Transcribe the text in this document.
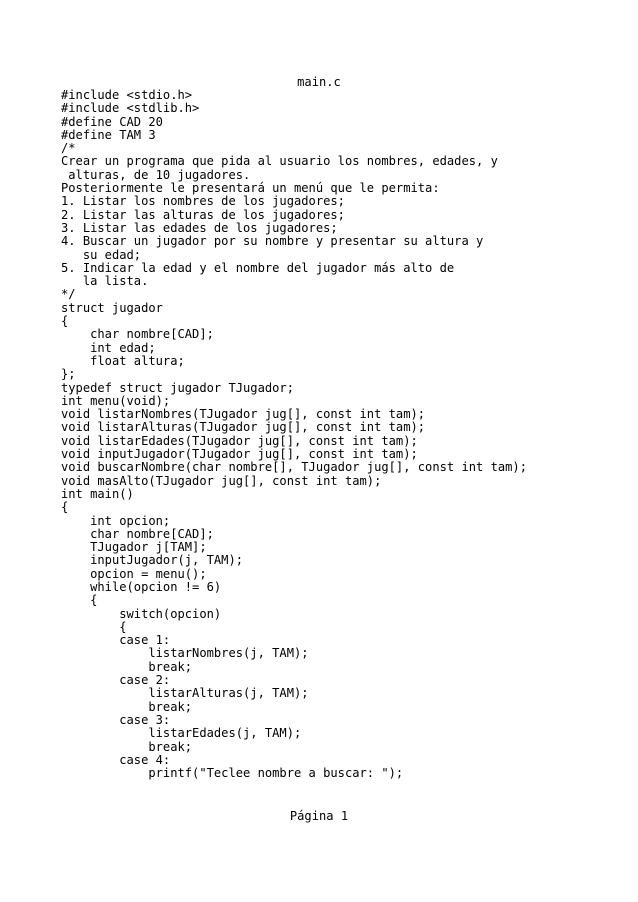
main.c
#include <stdio.h>
#include <stdlib.h>
#define CAD 20
#define TAM 3
/*
Crear un programa que pida al usuario los nombres, edades, y
alturas, de 10 jugadores.
Posteriormente le presentará un menú que le permita:
1. Listar los nombres de los jugadores;
2. Listar las alturas de los jugadores;
3. Listar las edades de los jugadores;
4. Buscar un jugador por su nombre y presentar su altura y
su edad;
5. Indicar la edad y el nombre del jugador más alto de
la lista.
*/
struct jugador
{
char nombre[CAD];
int edad;
float altura;
};
typedef struct jugador TJugador;
int menu(void);
void listarNombres(TJugador jug[], const int tam);
void listarAlturas(TJugador jug[], const int tam);
void listarEdades(TJugador jug[], const int tam);
void inputJugador(TJugador jug[], const int tam);
void buscarNombre(char nombre[], TJugador jug[], const int tam);
void masAlto(TJugador jug[], const int tam);
int main()
{
int opcion;
char nombre[CAD];
TJugador j[TAM];
inputJugador(j, TAM);
opcion = menu();
while(opcion != 6)
{
switch(opcion)
{
case 1:
listarNombres(j, TAM);
break;
case 2:
listarAlturas(j, TAM);
break;
case 3:
listarEdades(j, TAM);
break;
case 4:
printf("Teclee nombre a buscar: ");
Página 1
